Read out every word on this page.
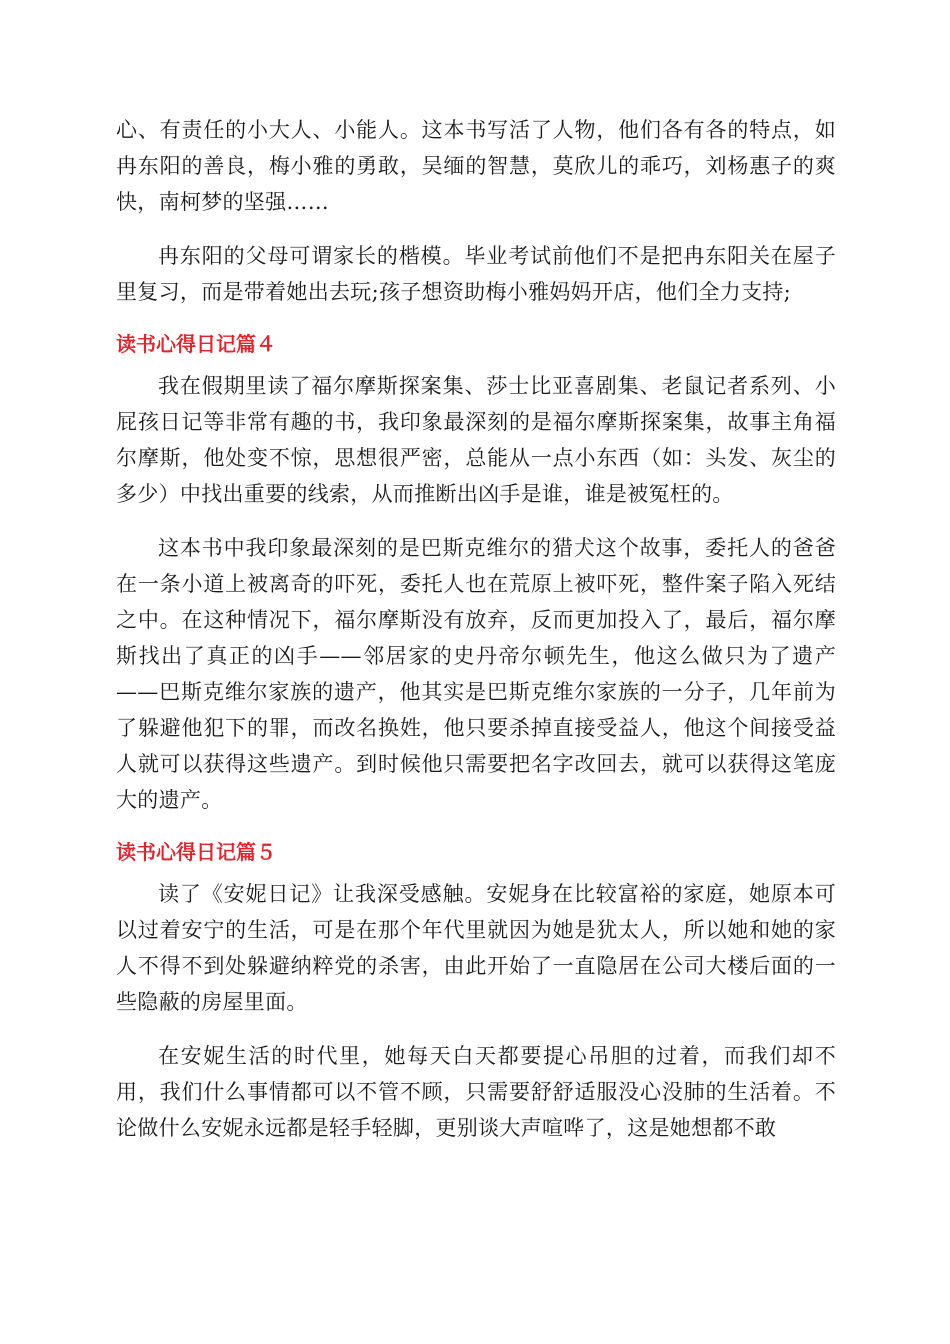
心、有责任的小大人、小能人。这本书写活了人物，他们各有各的特点，如冉东阳的善良，梅小雅的勇敢，吴缅的智慧，莫欣儿的乖巧，刘杨惠子的爽快，南柯梦的坚强……

冉东阳的父母可谓家长的楷模。毕业考试前他们不是把冉东阳关在屋子里复习，而是带着她出去玩;孩子想资助梅小雅妈妈开店，他们全力支持;

读书心得日记篇４

我在假期里读了福尔摩斯探案集、莎士比亚喜剧集、老鼠记者系列、小屁孩日记等非常有趣的书，我印象最深刻的是福尔摩斯探案集，故事主角福尔摩斯，他处变不惊，思想很严密，总能从一点小东西（如：头发、灰尘的多少）中找出重要的线索，从而推断出凶手是谁，谁是被冤枉的。

这本书中我印象最深刻的是巴斯克维尔的猎犬这个故事，委托人的爸爸在一条小道上被离奇的吓死，委托人也在荒原上被吓死，整件案子陷入死结之中。在这种情况下，福尔摩斯没有放弃，反而更加投入了，最后，福尔摩斯找出了真正的凶手——邻居家的史丹帝尔顿先生，他这么做只为了遗产——巴斯克维尔家族的遗产，他其实是巴斯克维尔家族的一分子，几年前为了躲避他犯下的罪，而改名换姓，他只要杀掉直接受益人，他这个间接受益人就可以获得这些遗产。到时候他只需要把名字改回去，就可以获得这笔庞大的遗产。

读书心得日记篇５

读了《安妮日记》让我深受感触。安妮身在比较富裕的家庭，她原本可以过着安宁的生活，可是在那个年代里就因为她是犹太人，所以她和她的家人不得不到处躲避纳粹党的杀害，由此开始了一直隐居在公司大楼后面的一些隐蔽的房屋里面。

在安妮生活的时代里，她每天白天都要提心吊胆的过着，而我们却不用，我们什么事情都可以不管不顾，只需要舒舒适服没心没肺的生活着。不论做什么安妮永远都是轻手轻脚，更别谈大声喧哗了，这是她想都不敢
